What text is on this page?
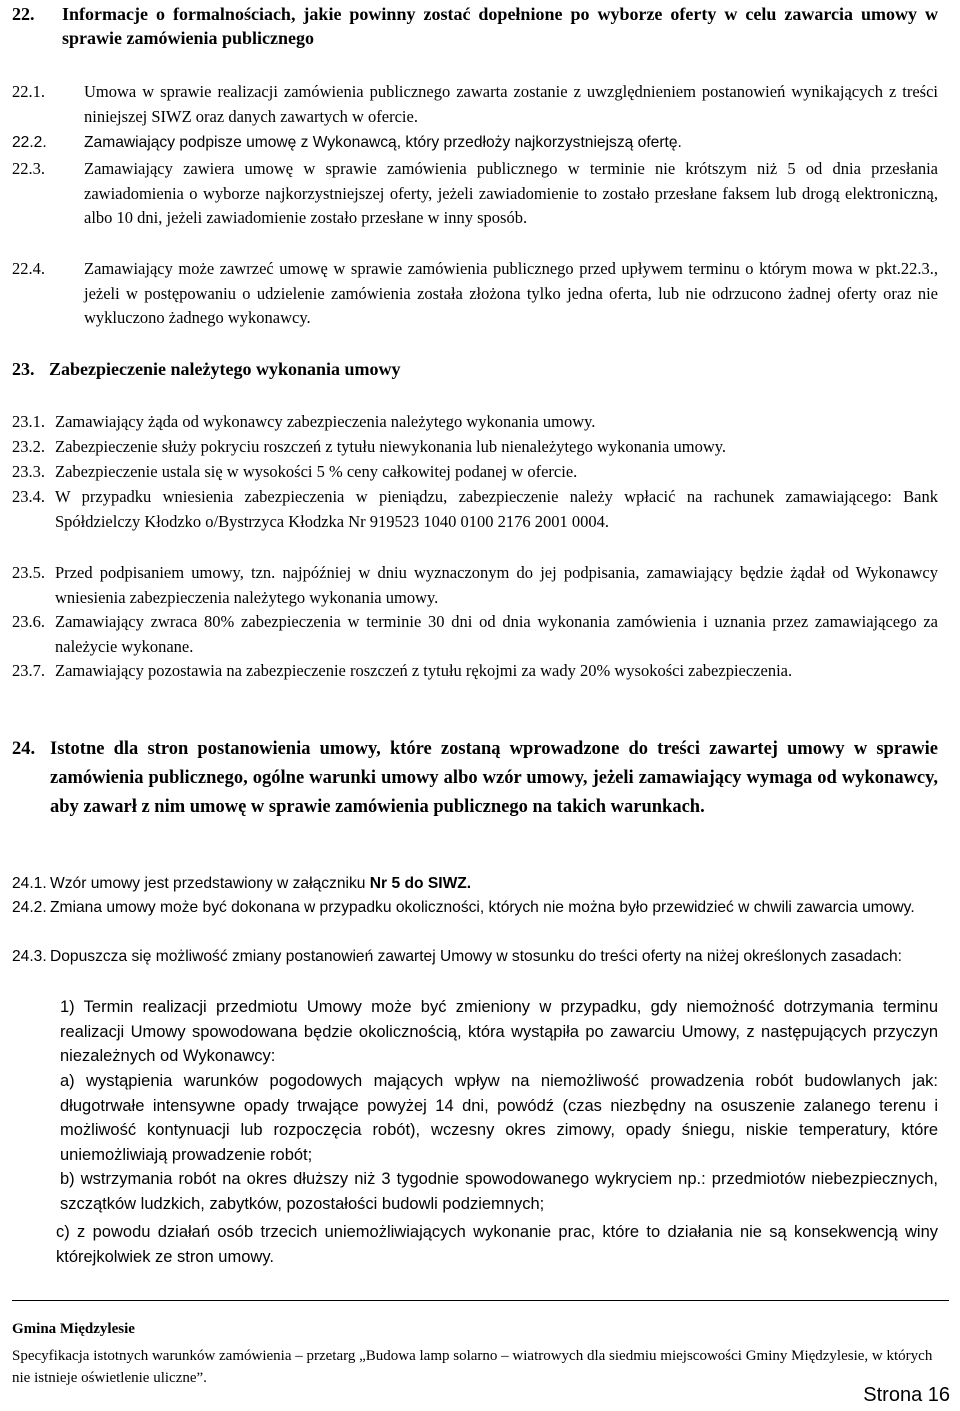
22. Informacje o formalnościach, jakie powinny zostać dopełnione po wyborze oferty w celu zawarcia umowy w sprawie zamówienia publicznego
22.1. Umowa w sprawie realizacji zamówienia publicznego zawarta zostanie z uwzględnieniem postanowień wynikających z treści niniejszej SIWZ oraz danych zawartych w ofercie.
22.2. Zamawiający podpisze umowę z Wykonawcą, który przedłoży najkorzystniejszą ofertę.
22.3. Zamawiający zawiera umowę w sprawie zamówienia publicznego w terminie nie krótszym niż 5 od dnia przesłania zawiadomienia o wyborze najkorzystniejszej oferty, jeżeli zawiadomienie to zostało przesłane faksem lub drogą elektroniczną, albo 10 dni, jeżeli zawiadomienie zostało przesłane w inny sposób.
22.4. Zamawiający może zawrzeć umowę w sprawie zamówienia publicznego przed upływem terminu o którym mowa w pkt.22.3., jeżeli w postępowaniu o udzielenie zamówienia została złożona tylko jedna oferta, lub nie odrzucono żadnej oferty oraz nie wykluczono żadnego wykonawcy.
23. Zabezpieczenie należytego wykonania umowy
23.1. Zamawiający żąda od wykonawcy zabezpieczenia należytego wykonania umowy.
23.2. Zabezpieczenie służy pokryciu roszczeń z tytułu niewykonania lub nienależytego wykonania umowy.
23.3. Zabezpieczenie ustala się w wysokości 5 % ceny całkowitej podanej w ofercie.
23.4. W przypadku wniesienia zabezpieczenia w pieniądzu, zabezpieczenie należy wpłacić na rachunek zamawiającego: Bank Spółdzielczy Kłodzko o/Bystrzyca Kłodzka Nr 919523 1040 0100 2176 2001 0004.
23.5. Przed podpisaniem umowy, tzn. najpóźniej w dniu wyznaczonym do jej podpisania, zamawiający będzie żądał od Wykonawcy wniesienia zabezpieczenia należytego wykonania umowy.
23.6. Zamawiający zwraca 80% zabezpieczenia w terminie 30 dni od dnia wykonania zamówienia i uznania przez zamawiającego za należycie wykonane.
23.7. Zamawiający pozostawia na zabezpieczenie roszczeń z tytułu rękojmi za wady 20% wysokości zabezpieczenia.
24. Istotne dla stron postanowienia umowy, które zostaną wprowadzone do treści zawartej umowy w sprawie zamówienia publicznego, ogólne warunki umowy albo wzór umowy, jeżeli zamawiający wymaga od wykonawcy, aby zawarł z nim umowę w sprawie zamówienia publicznego na takich warunkach.
24.1. Wzór umowy jest przedstawiony w załączniku Nr 5 do SIWZ.
24.2. Zmiana umowy może być dokonana w przypadku okoliczności, których nie można było przewidzieć w chwili zawarcia umowy.
24.3. Dopuszcza się możliwość zmiany postanowień zawartej Umowy w stosunku do treści oferty na niżej określonych zasadach:
1) Termin realizacji przedmiotu Umowy może być zmieniony w przypadku, gdy niemożność dotrzymania terminu realizacji Umowy spowodowana będzie okolicznością, która wystąpiła po zawarciu Umowy, z następujących przyczyn niezależnych od Wykonawcy:
a) wystąpienia warunków pogodowych mających wpływ na niemożliwość prowadzenia robót budowlanych jak: długotrwałe intensywne opady trwające powyżej 14 dni, powódź (czas niezbędny na osuszenie zalanego terenu i możliwość kontynuacji lub rozpoczęcia robót), wczesny okres zimowy, opady śniegu, niskie temperatury, które uniemożliwiają prowadzenie robót;
b) wstrzymania robót na okres dłuższy niż 3 tygodnie spowodowanego wykryciem np.: przedmiotów niebezpiecznych, szczątków ludzkich, zabytków, pozostałości budowli podziemnych;
c) z powodu działań osób trzecich uniemożliwiających wykonanie prac, które to działania nie są konsekwencją winy którejkolwiek ze stron umowy.
Gmina Międzylesie
Specyfikacja istotnych warunków zamówienia – przetarg „Budowa lamp solarno – wiatrowych dla siedmiu miejscowości Gminy Międzylesie, w których nie istnieje oświetlenie uliczne”.
Strona 16
